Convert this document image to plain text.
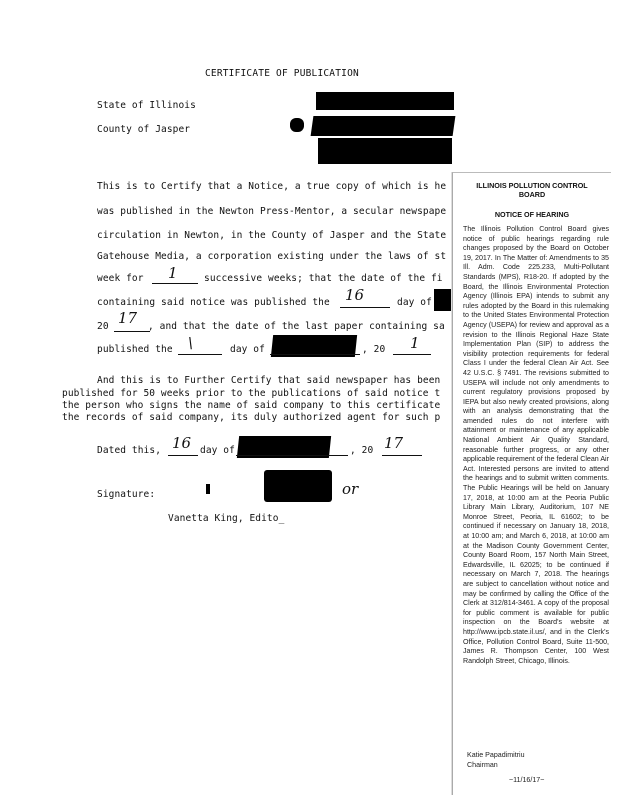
CERTIFICATE OF PUBLICATION
State of Illinois
County of Jasper
This is to Certify that a Notice, a true copy of which is he
was published in the Newton Press-Mentor, a secular newspape
circulation in Newton, in the County of Jasper and the State
Gatehouse Media, a corporation existing under the laws of st
week for 1	successive weeks; that the date of the fi
containing said notice was published the 16	day of
20 17 , and that the date of the last paper containing sa
published the \	day of	, 20 1
And this is to Further Certify that said newspaper has been
published for 50 weeks prior to the publications of said notice t
the person who signs the name of said company to this certificate
the records of said company, its duly authorized agent for such p
Dated this, 16 day of	, 20 17
Signature:	or
Vanetta King, Edito_
ILLINOIS POLLUTION CONTROL
BOARD
NOTICE OF HEARING
The Illinois Pollution Control Board gives notice of public hearings regarding rule changes proposed by the Board on October 19, 2017. In The Matter of: Amendments to 35 Ill. Adm. Code 225.233, Multi-Pollutant Standards (MPS), R18-20. If adopted by the Board, the Illinois Environmental Protection Agency (Illinois EPA) intends to submit any rules adopted by the Board in this rulemaking to the United States Environmental Protection Agency (USEPA) for review and approval as a revision to the Illinois Regional Haze State Implementation Plan (SIP) to address the visibility protection requirements for federal Class I under the federal Clean Air Act. See 42 U.S.C. § 7491. The revisions submitted to USEPA will include not only amendments to current regulatory provisions proposed by IEPA but also newly created provisions, along with an analysis demonstrating that the amended rules do not interfere with attainment or maintenance of any applicable National Ambient Air Quality Standard, reasonable further progress, or any other applicable requirement of the federal Clean Air Act. Interested persons are invited to attend the hearings and to submit written comments. The Public Hearings will be held on January 17, 2018, at 10:00 am at the Peoria Public Library Main Library, Auditorium, 107 NE Monroe Street, Peoria, IL 61602; to be continued if necessary on January 18, 2018, at 10:00 am; and March 6, 2018, at 10:00 am at the Madison County Government Center, County Board Room, 157 North Main Street, Edwardsville, IL 62025; to be continued if necessary on March 7, 2018. The hearings are subject to cancellation without notice and may be confirmed by calling the Office of the Clerk at 312/814-3461. A copy of the proposal for public comment is available for public inspection on the Board's website at http://www.ipcb.state.il.us/, and in the Clerk's Office, Pollution Control Board, Suite 11-500, James R. Thompson Center, 100 West Randolph Street, Chicago, Illinois.
Katie Papadimitriu
Chairman
~11/16/17~
